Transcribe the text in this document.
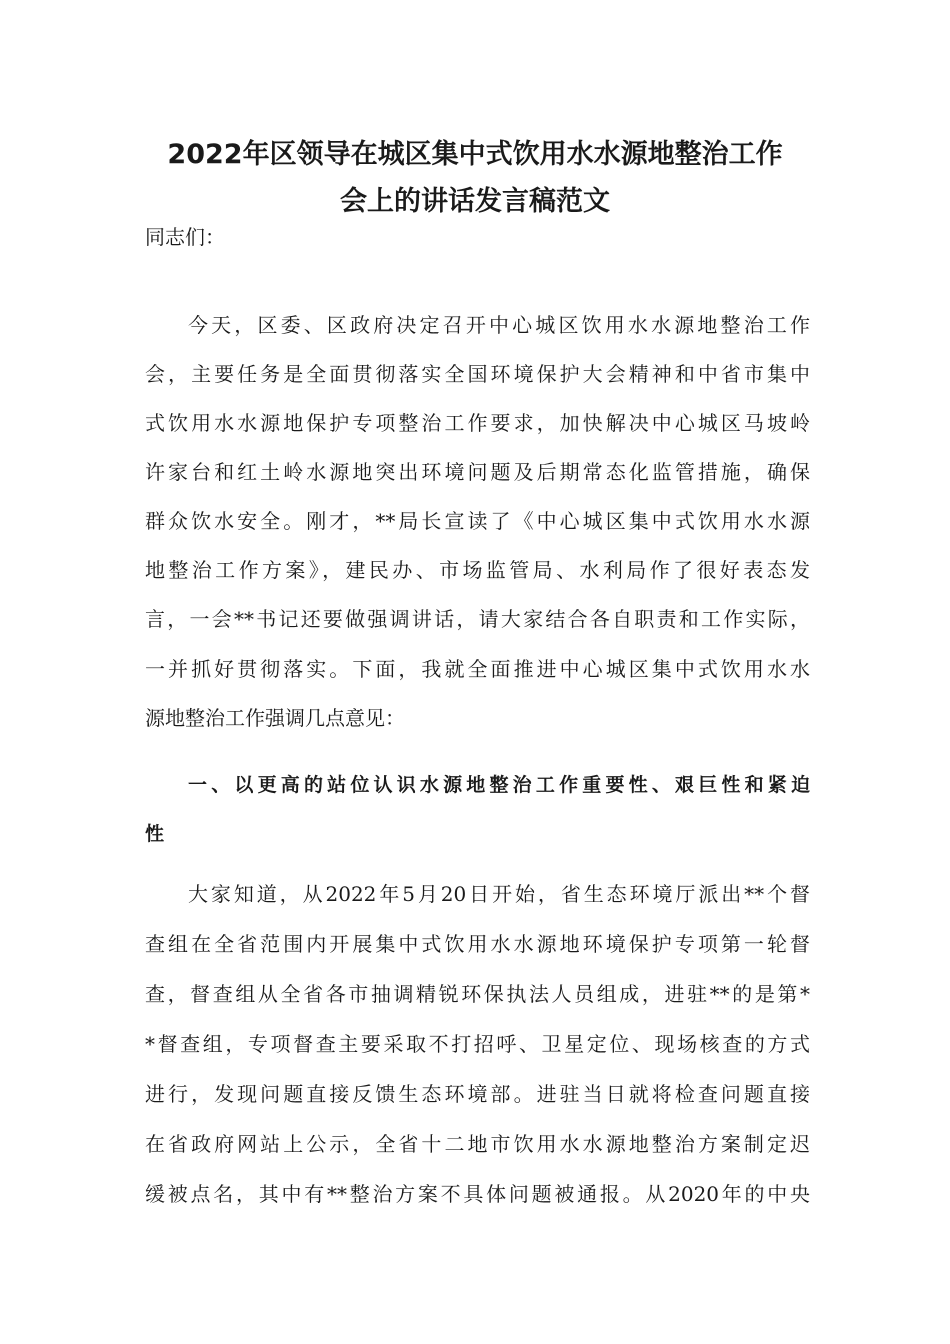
2022年区领导在城区集中式饮用水水源地整治工作
会上的讲话发言稿范文
同志们：
今天，区委、区政府决定召开中心城区饮用水水源地整治工作
会，主要任务是全面贯彻落实全国环境保护大会精神和中省市集中
式饮用水水源地保护专项整治工作要求，加快解决中心城区马坡岭
许家台和红土岭水源地突出环境问题及后期常态化监管措施，确保
群众饮水安全。刚才，**局长宣读了《中心城区集中式饮用水水源
地整治工作方案》，建民办、市场监管局、水利局作了很好表态发
言，一会**书记还要做强调讲话，请大家结合各自职责和工作实际，
一并抓好贯彻落实。下面，我就全面推进中心城区集中式饮用水水
源地整治工作强调几点意见：
一、以更高的站位认识水源地整治工作重要性、艰巨性和紧迫
性
大家知道，从2022年5月20日开始，省生态环境厅派出**个督
查组在全省范围内开展集中式饮用水水源地环境保护专项第一轮督
查，督查组从全省各市抽调精锐环保执法人员组成，进驻**的是第*
*督查组，专项督查主要采取不打招呼、卫星定位、现场核查的方式
进行，发现问题直接反馈生态环境部。进驻当日就将检查问题直接
在省政府网站上公示，全省十二地市饮用水水源地整治方案制定迟
缓被点名，其中有**整治方案不具体问题被通报。从2020年的中央
